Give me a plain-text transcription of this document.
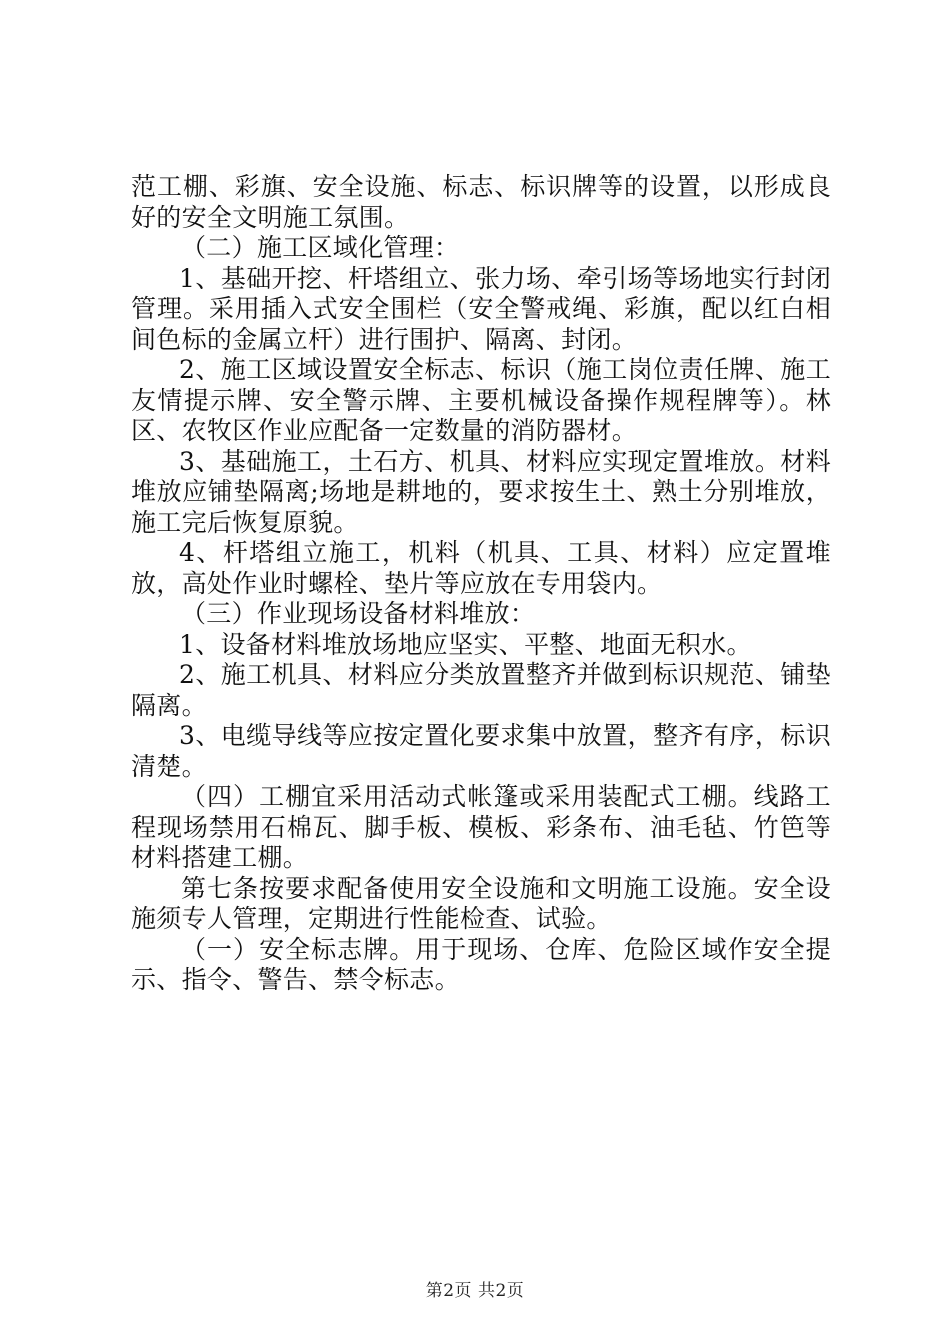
范工棚、彩旗、安全设施、标志、标识牌等的设置，以形成良好的安全文明施工氛围。

（二）施工区域化管理：

1、基础开挖、杆塔组立、张力场、牵引场等场地实行封闭管理。采用插入式安全围栏（安全警戒绳、彩旗，配以红白相间色标的金属立杆）进行围护、隔离、封闭。

2、施工区域设置安全标志、标识（施工岗位责任牌、施工友情提示牌、安全警示牌、主要机械设备操作规程牌等）。林区、农牧区作业应配备一定数量的消防器材。

3、基础施工，土石方、机具、材料应实现定置堆放。材料堆放应铺垫隔离;场地是耕地的，要求按生土、熟土分别堆放，施工完后恢复原貌。

4、杆塔组立施工，机料（机具、工具、材料）应定置堆放，高处作业时螺栓、垫片等应放在专用袋内。

（三）作业现场设备材料堆放：

1、设备材料堆放场地应坚实、平整、地面无积水。

2、施工机具、材料应分类放置整齐并做到标识规范、铺垫隔离。

3、电缆导线等应按定置化要求集中放置，整齐有序，标识清楚。

（四）工棚宜采用活动式帐篷或采用装配式工棚。线路工程现场禁用石棉瓦、脚手板、模板、彩条布、油毛毡、竹笆等材料搭建工棚。

第七条按要求配备使用安全设施和文明施工设施。安全设施须专人管理，定期进行性能检查、试验。

（一）安全标志牌。用于现场、仓库、危险区域作安全提示、指令、警告、禁令标志。

第2页 共2页
